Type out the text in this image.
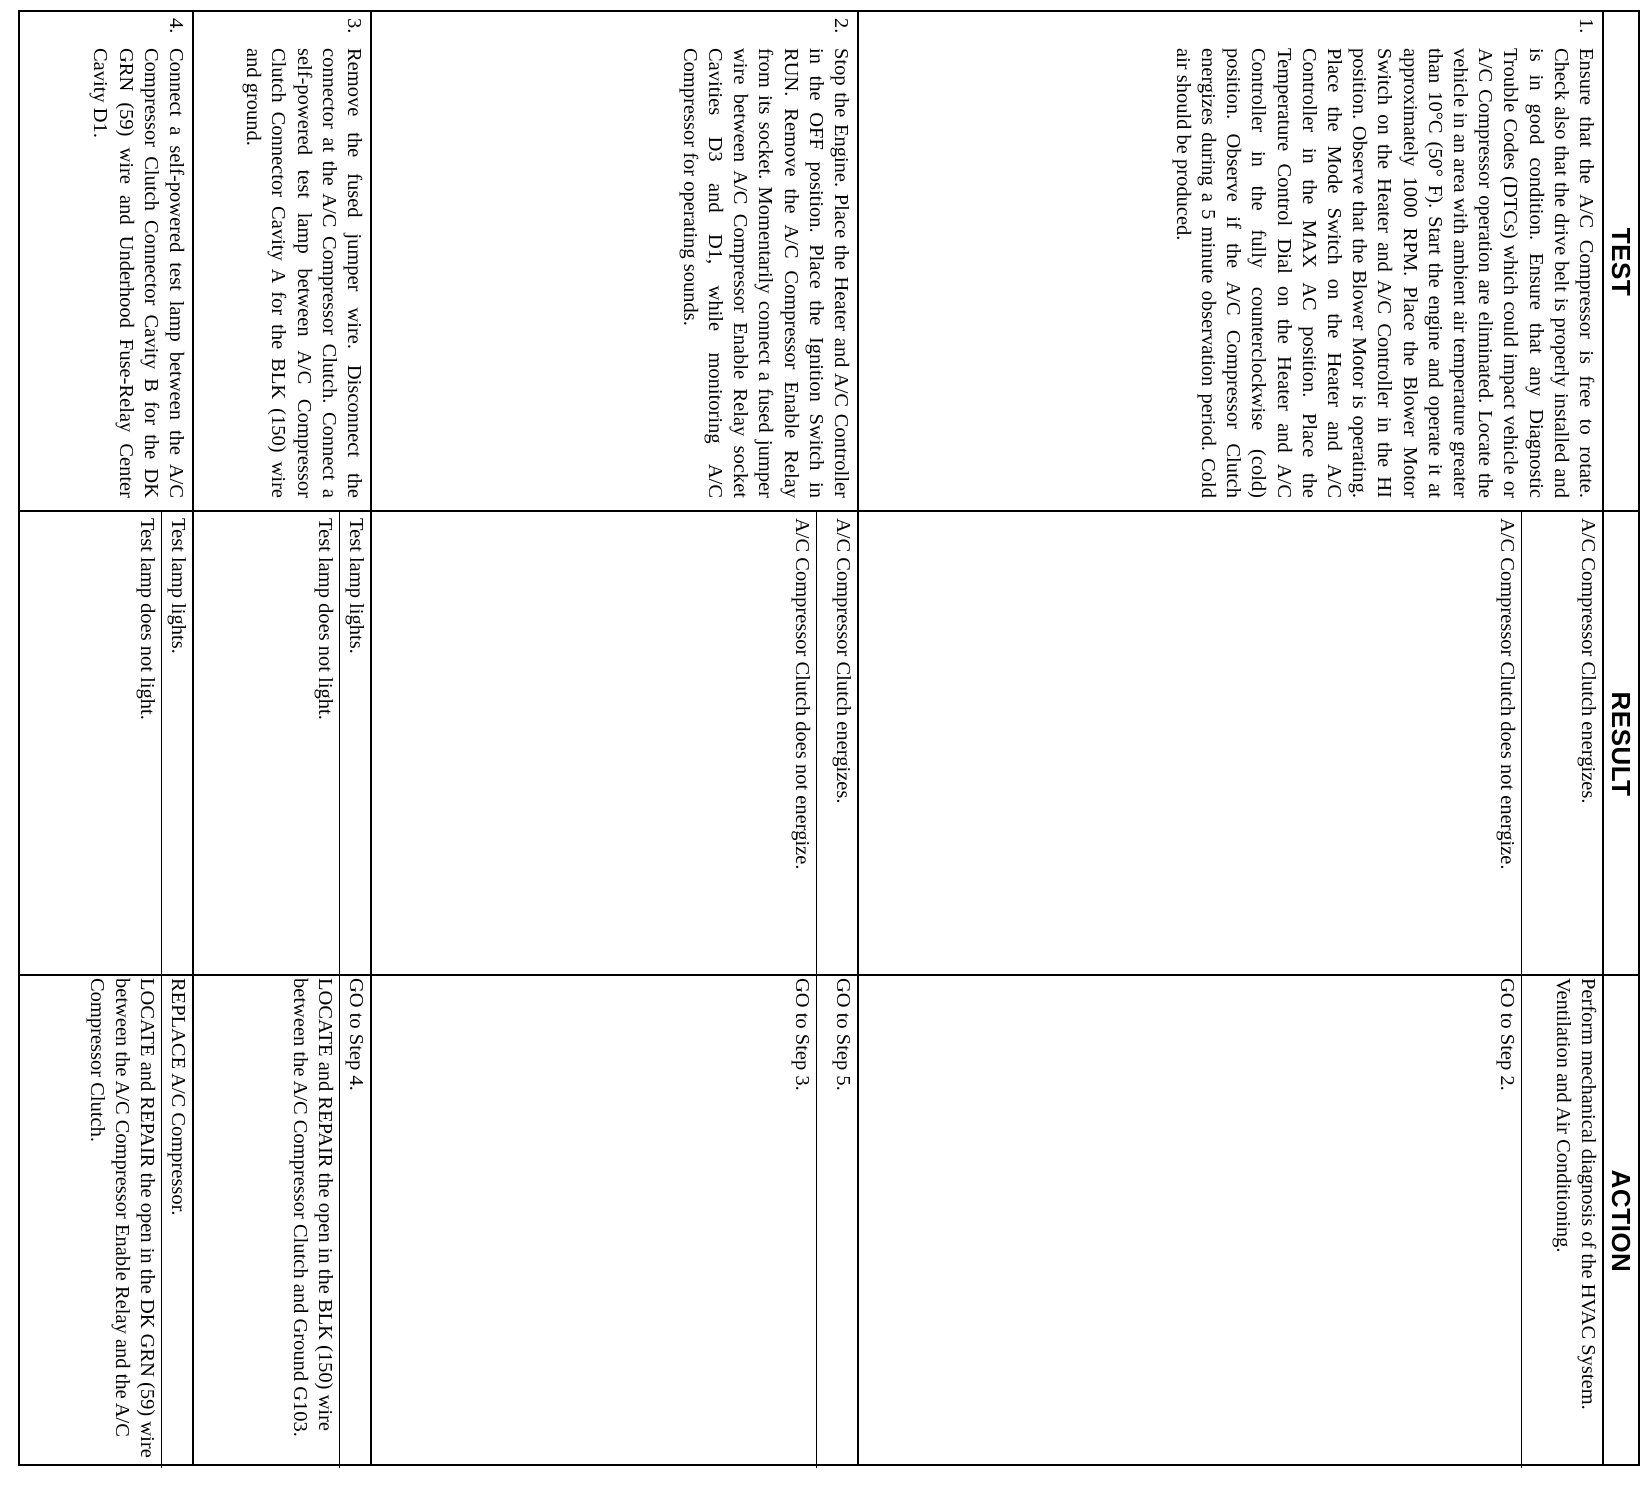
TEST
RESULT
ACTION
1.
Ensure that the A/C Compressor is free to rotate. Check also that the drive belt is properly installed and is in good condition. Ensure that any Diagnostic Trouble Codes (DTCs) which could impact vehicle or A/C Compressor operation are eliminated. Locate the vehicle in an area with ambient air temperature greater than 10°C (50° F). Start the engine and operate it at approximately 1000 RPM. Place the Blower Motor Switch on the Heater and A/C Controller in the HI position. Observe that the Blower Motor is operating. Place the Mode Switch on the Heater and A/C Controller in the MAX AC position. Place the Temperature Control Dial on the Heater and A/C Controller in the fully counterclockwise (cold) position. Observe if the A/C Compressor Clutch energizes during a 5 minute observation period. Cold air should be produced.
A/C Compressor Clutch energizes.
Perform mechanical diagnosis of the HVAC System. Ventilation and Air Conditioning.
A/C Compressor Clutch does not energize.
GO to Step 2.
2.
Stop the Engine. Place the Heater and A/C Controller in the OFF position. Place the Ignition Switch in RUN. Remove the A/C Compressor Enable Relay from its socket. Momentarily connect a fused jumper wire between A/C Compressor Enable Relay socket Cavities D3 and D1, while monitoring A/C Compressor for operating sounds.
A/C Compressor Clutch energizes.
GO to Step 5.
A/C Compressor Clutch does not energize.
GO to Step 3.
3.
Remove the fused jumper wire. Disconnect the connector at the A/C Compressor Clutch. Connect a self-powered test lamp between A/C Compressor Clutch Connector Cavity A for the BLK (150) wire and ground.
Test lamp lights.
GO to Step 4.
Test lamp does not light.
LOCATE and REPAIR the open in the BLK (150) wire between the A/C Compressor Clutch and Ground G103.
4.
Connect a self-powered test lamp between the A/C Compressor Clutch Connector Cavity B for the DK GRN (59) wire and Underhood Fuse-Relay Center Cavity D1.
Test lamp lights.
REPLACE A/C Compressor.
Test lamp does not light.
LOCATE and REPAIR the open in the DK GRN (59) wire between the A/C Compressor Enable Relay and the A/C Compressor Clutch.
